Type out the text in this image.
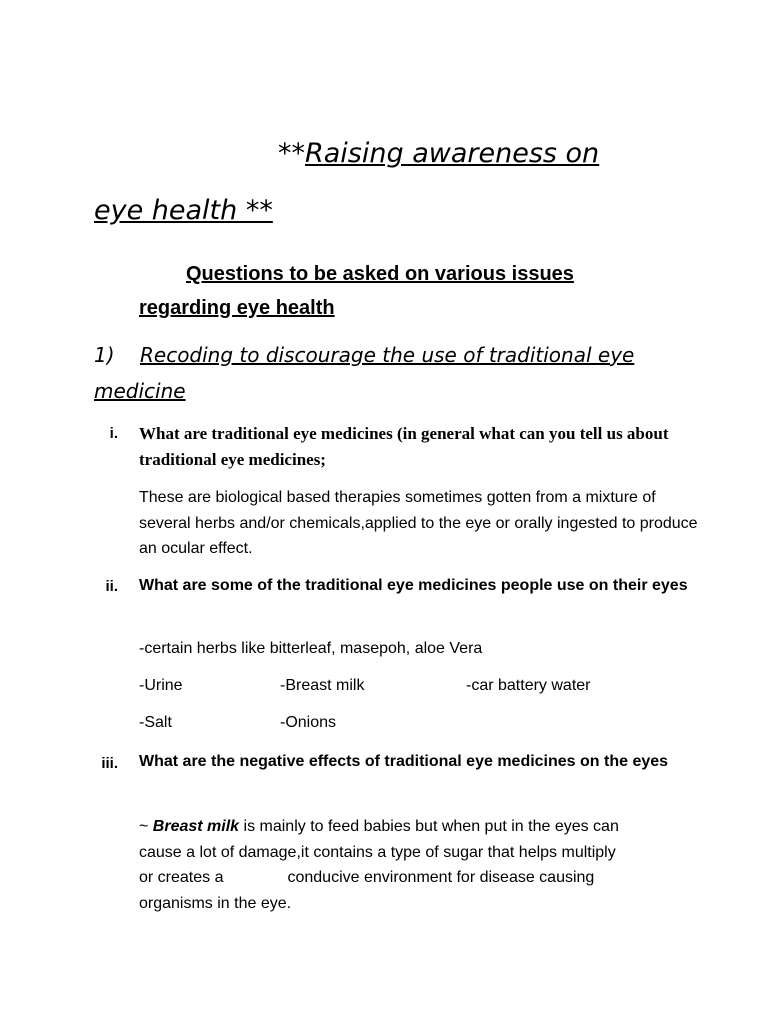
**Raising awareness on
eye health **
Questions to be asked on various issues
regarding eye health
1) Recoding to discourage the use of traditional eye
medicine
i. What are traditional eye medicines (in general what can you tell us about traditional eye medicines;
These are biological based therapies sometimes gotten from a mixture of several herbs and/or chemicals,applied to the eye or orally ingested to produce an ocular effect.
ii. What are some of the traditional eye medicines people use on their eyes
-certain herbs like bitterleaf, masepoh, aloe Vera
-Urine	-Breast milk	-car battery water
-Salt	-Onions
iii. What are the negative effects of traditional eye medicines on the eyes
~ Breast milk is mainly to feed babies but when put in the eyes can
cause a lot of damage,it contains a type of sugar that helps multiply
or creates a	conducive environment for disease causing
organisms in the eye.
